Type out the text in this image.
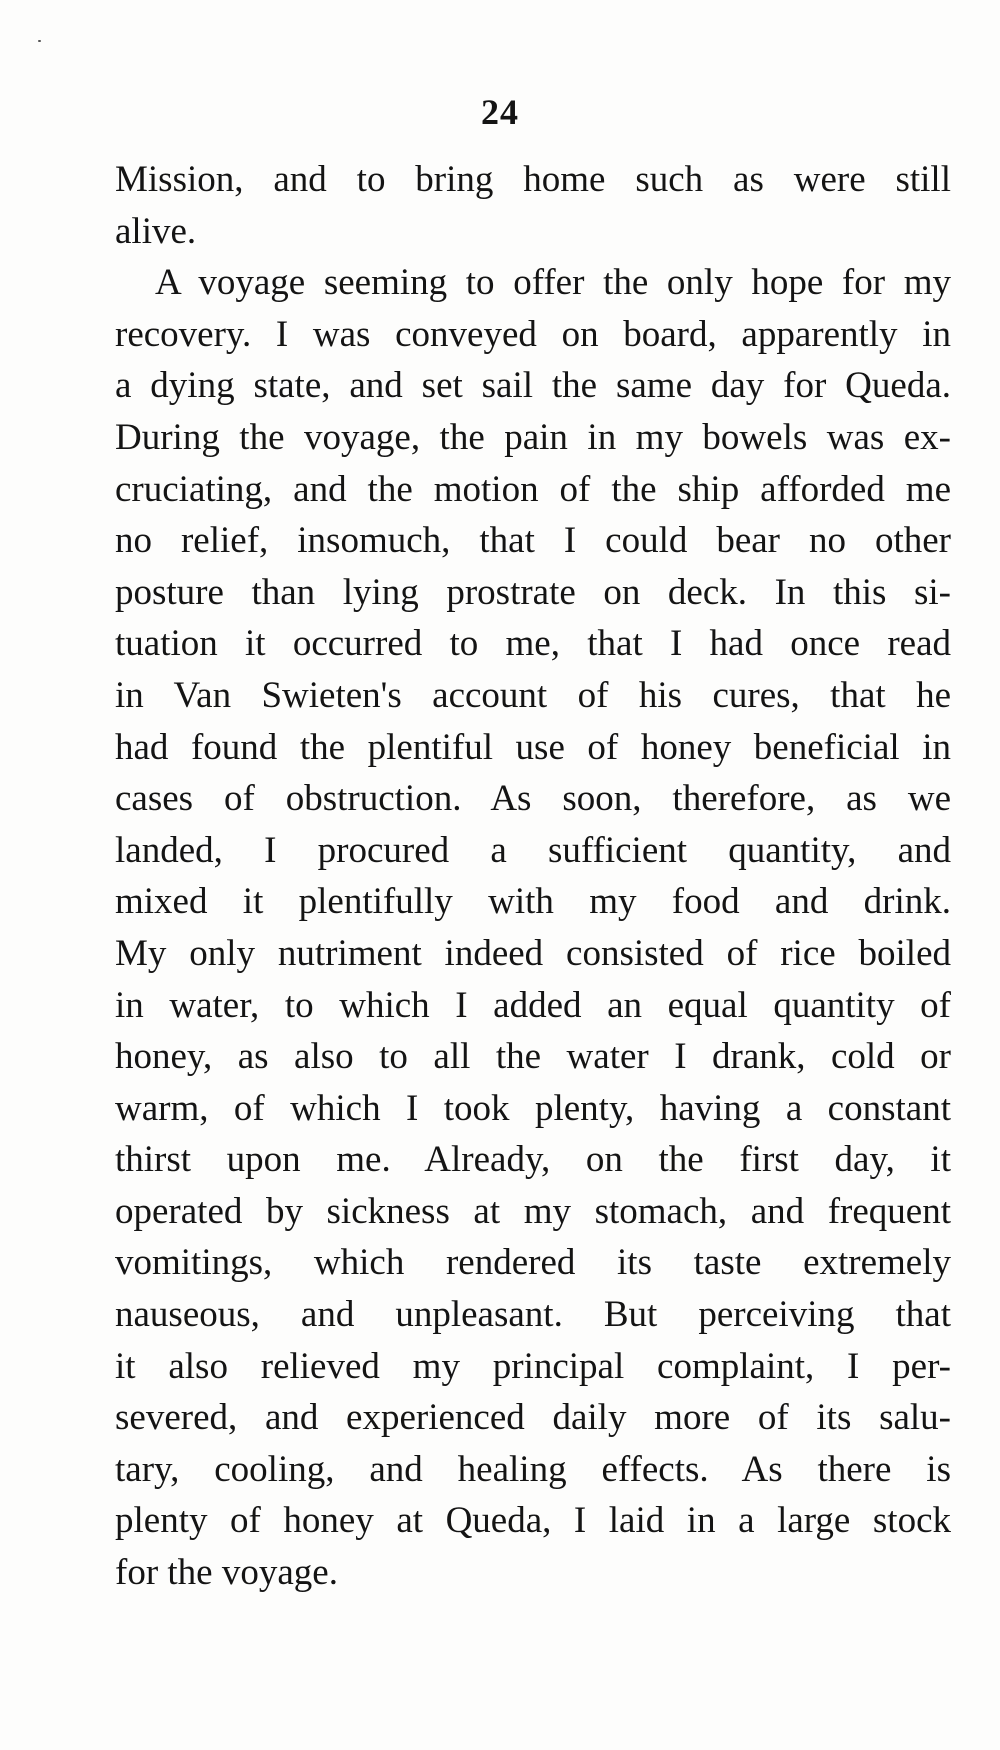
24
Mission, and to bring home such as were still
alive.
A voyage seeming to offer the only hope for my
recovery. I was conveyed on board, apparently in
a dying state, and set sail the same day for Queda.
During the voyage, the pain in my bowels was ex-
cruciating, and the motion of the ship afforded me
no relief, insomuch, that I could bear no other
posture than lying prostrate on deck. In this si-
tuation it occurred to me, that I had once read
in Van Swieten's account of his cures, that he
had found the plentiful use of honey beneficial in
cases of obstruction. As soon, therefore, as we
landed, I procured a sufficient quantity, and
mixed it plentifully with my food and drink.
My only nutriment indeed consisted of rice boiled
in water, to which I added an equal quantity of
honey, as also to all the water I drank, cold or
warm, of which I took plenty, having a constant
thirst upon me. Already, on the first day, it
operated by sickness at my stomach, and frequent
vomitings, which rendered its taste extremely
nauseous, and unpleasant. But perceiving that
it also relieved my principal complaint, I per-
severed, and experienced daily more of its salu-
tary, cooling, and healing effects. As there is
plenty of honey at Queda, I laid in a large stock
for the voyage.
